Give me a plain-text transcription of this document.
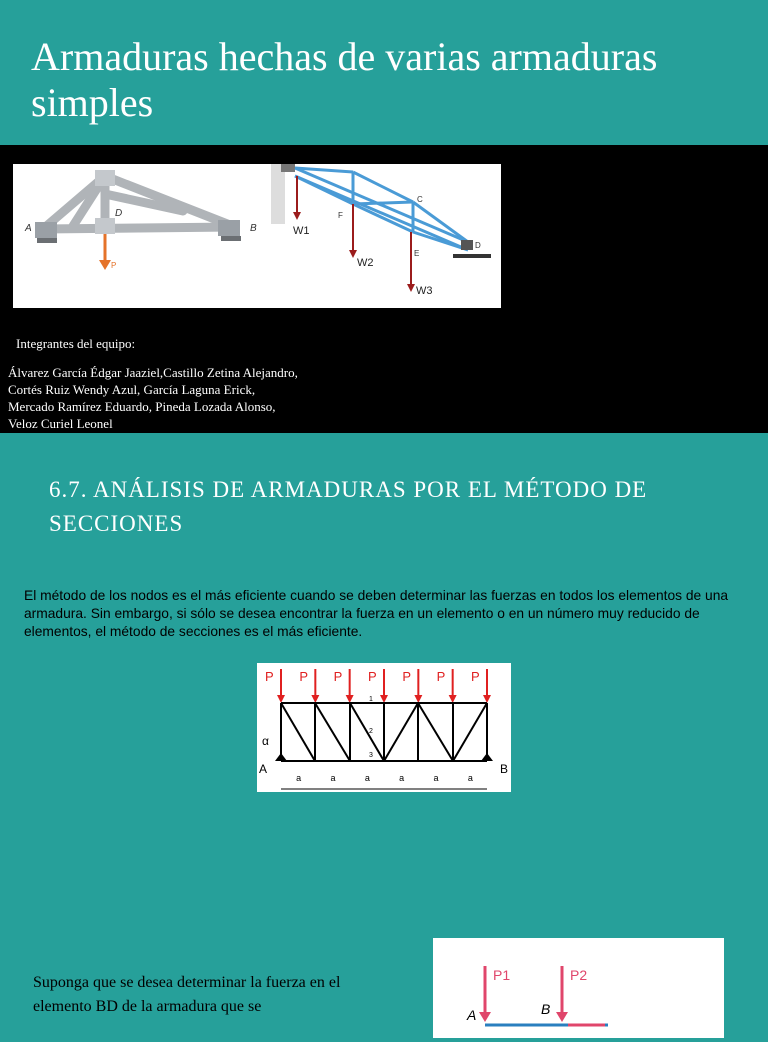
Armaduras hechas de varias armaduras simples
A	B
D
P
C
F
E
D
W1
W2
W3
Integrantes del equipo:
Álvarez García Édgar Jaaziel,Castillo Zetina Alejandro,
Cortés Ruiz Wendy Azul, García Laguna Erick,
Mercado Ramírez Eduardo, Pineda Lozada Alonso,
Veloz Curiel Leonel
6.7. ANÁLISIS DE ARMADURAS POR EL MÉTODO DE SECCIONES

El método de los nodos es el más eficiente cuando se deben determinar las fuerzas en todos los elementos de una armadura. Sin embargo, si sólo se desea encontrar la fuerza en un elemento o en un número muy reducido de elementos, el método de secciones es el más eficiente.

P P P P P P P
1
2
3
α
A	B
a	a	a	a	a	a
P1	P2
A	B

Suponga que se desea determinar la fuerza en el elemento BD de la armadura que se
